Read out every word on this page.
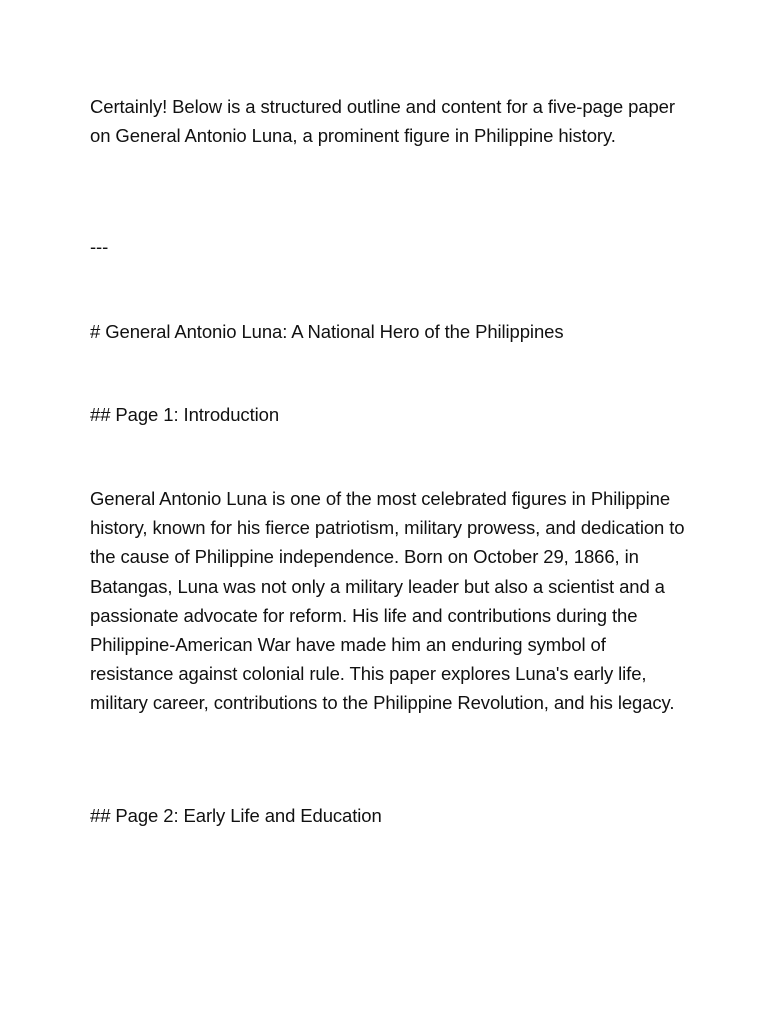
Certainly! Below is a structured outline and content for a five-page paper on General Antonio Luna, a prominent figure in Philippine history.

---

# General Antonio Luna: A National Hero of the Philippines

## Page 1: Introduction

General Antonio Luna is one of the most celebrated figures in Philippine history, known for his fierce patriotism, military prowess, and dedication to the cause of Philippine independence. Born on October 29, 1866, in Batangas, Luna was not only a military leader but also a scientist and a passionate advocate for reform. His life and contributions during the Philippine-American War have made him an enduring symbol of resistance against colonial rule. This paper explores Luna's early life, military career, contributions to the Philippine Revolution, and his legacy.

## Page 2: Early Life and Education
